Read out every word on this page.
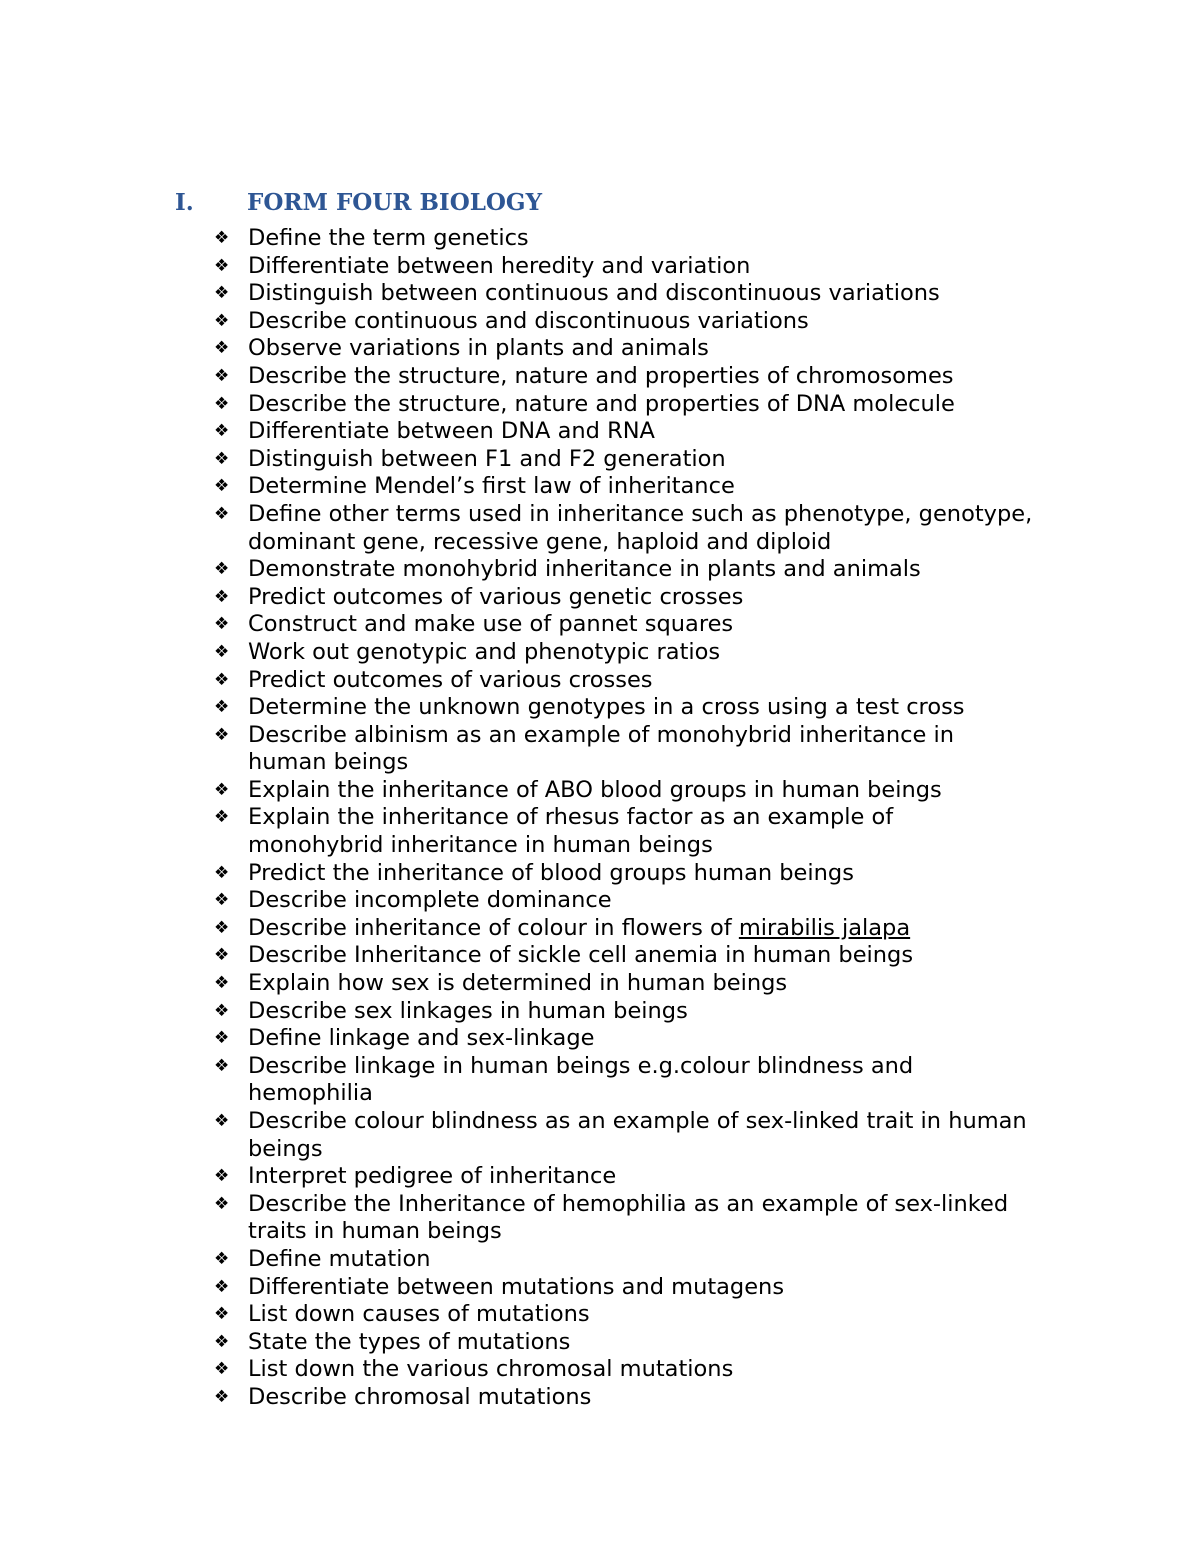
I.	FORM FOUR BIOLOGY
❖ Define the term genetics
❖ Differentiate between heredity and variation
❖ Distinguish between continuous and discontinuous variations
❖ Describe continuous and discontinuous variations
❖ Observe variations in plants and animals
❖ Describe the structure, nature and properties of chromosomes
❖ Describe the structure, nature and properties of DNA molecule
❖ Differentiate between DNA and RNA
❖ Distinguish between F1 and F2 generation
❖ Determine Mendel’s first law of inheritance
❖ Define other terms used in inheritance such as phenotype, genotype, dominant gene, recessive gene, haploid and diploid
❖ Demonstrate monohybrid inheritance in plants and animals
❖ Predict outcomes of various genetic crosses
❖ Construct and make use of pannet squares
❖ Work out genotypic and phenotypic ratios
❖ Predict outcomes of various crosses
❖ Determine the unknown genotypes in a cross using a test cross
❖ Describe albinism as an example of monohybrid inheritance in human beings
❖ Explain the inheritance of ABO blood groups in human beings
❖ Explain the inheritance of rhesus factor as an example of monohybrid inheritance in human beings
❖ Predict the inheritance of blood groups human beings
❖ Describe incomplete dominance
❖ Describe inheritance of colour in flowers of mirabilis jalapa
❖ Describe Inheritance of sickle cell anemia in human beings
❖ Explain how sex is determined in human beings
❖ Describe sex linkages in human beings
❖ Define linkage and sex-linkage
❖ Describe linkage in human beings e.g.colour blindness and hemophilia
❖ Describe colour blindness as an example of sex-linked trait in human beings
❖ Interpret pedigree of inheritance
❖ Describe the Inheritance of hemophilia as an example of sex-linked traits in human beings
❖ Define mutation
❖ Differentiate between mutations and mutagens
❖ List down causes of mutations
❖ State the types of mutations
❖ List down the various chromosal mutations
❖ Describe chromosal mutations
